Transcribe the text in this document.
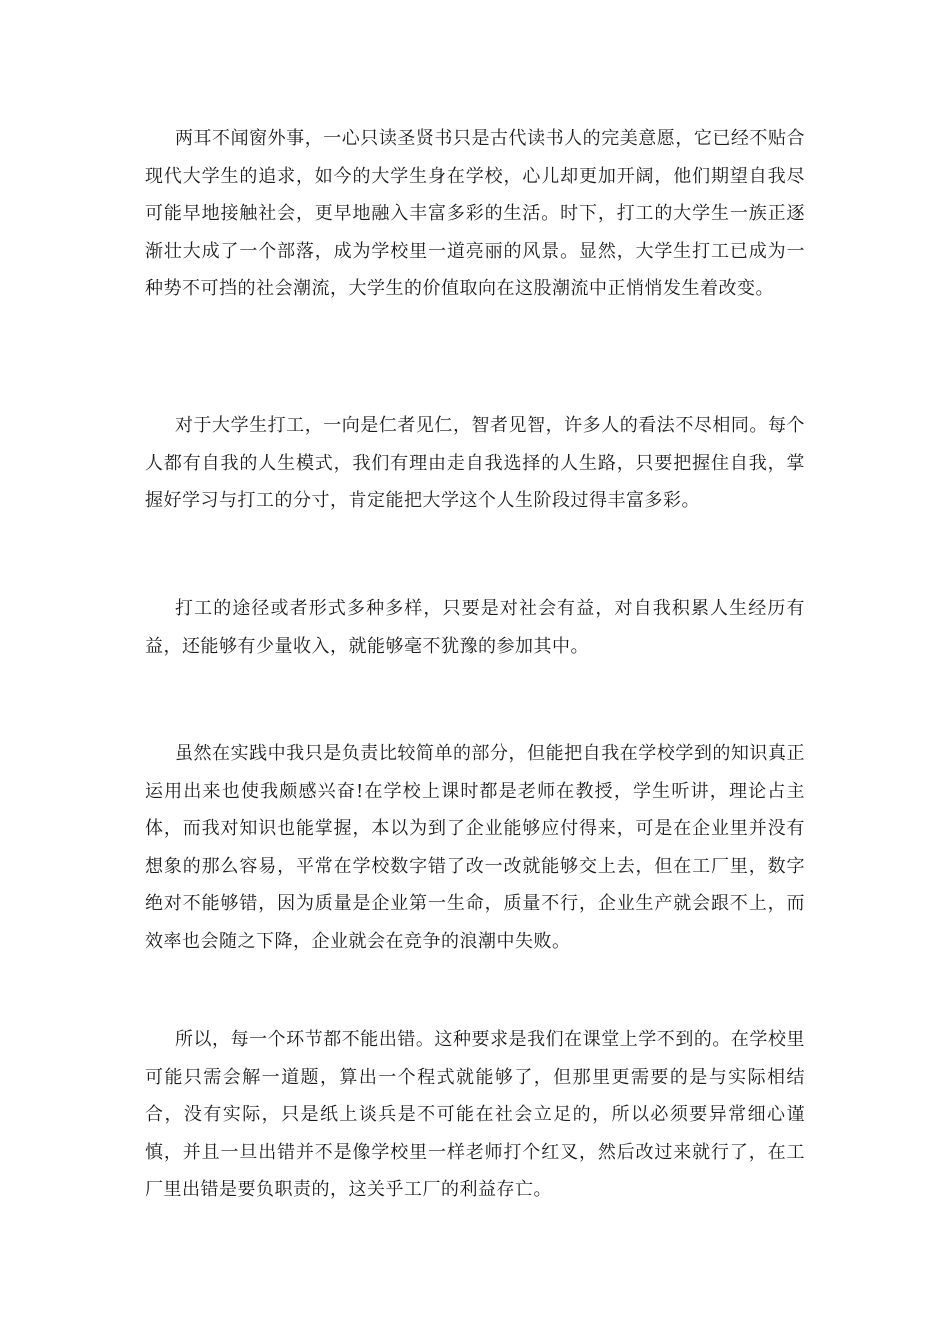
两耳不闻窗外事，一心只读圣贤书只是古代读书人的完美意愿，它已经不贴合现代大学生的追求，如今的大学生身在学校，心儿却更加开阔，他们期望自我尽可能早地接触社会，更早地融入丰富多彩的生活。时下，打工的大学生一族正逐渐壮大成了一个部落，成为学校里一道亮丽的风景。显然，大学生打工已成为一种势不可挡的社会潮流，大学生的价值取向在这股潮流中正悄悄发生着改变。

对于大学生打工，一向是仁者见仁，智者见智，许多人的看法不尽相同。每个人都有自我的人生模式，我们有理由走自我选择的人生路，只要把握住自我，掌握好学习与打工的分寸，肯定能把大学这个人生阶段过得丰富多彩。

打工的途径或者形式多种多样，只要是对社会有益，对自我积累人生经历有益，还能够有少量收入，就能够毫不犹豫的参加其中。

虽然在实践中我只是负责比较简单的部分，但能把自我在学校学到的知识真正运用出来也使我颇感兴奋!在学校上课时都是老师在教授，学生听讲，理论占主体，而我对知识也能掌握，本以为到了企业能够应付得来，可是在企业里并没有想象的那么容易，平常在学校数字错了改一改就能够交上去，但在工厂里，数字绝对不能够错，因为质量是企业第一生命，质量不行，企业生产就会跟不上，而效率也会随之下降，企业就会在竞争的浪潮中失败。

所以，每一个环节都不能出错。这种要求是我们在课堂上学不到的。在学校里可能只需会解一道题，算出一个程式就能够了，但那里更需要的是与实际相结合，没有实际，只是纸上谈兵是不可能在社会立足的，所以必须要异常细心谨慎，并且一旦出错并不是像学校里一样老师打个红叉，然后改过来就行了，在工厂里出错是要负职责的，这关乎工厂的利益存亡。
